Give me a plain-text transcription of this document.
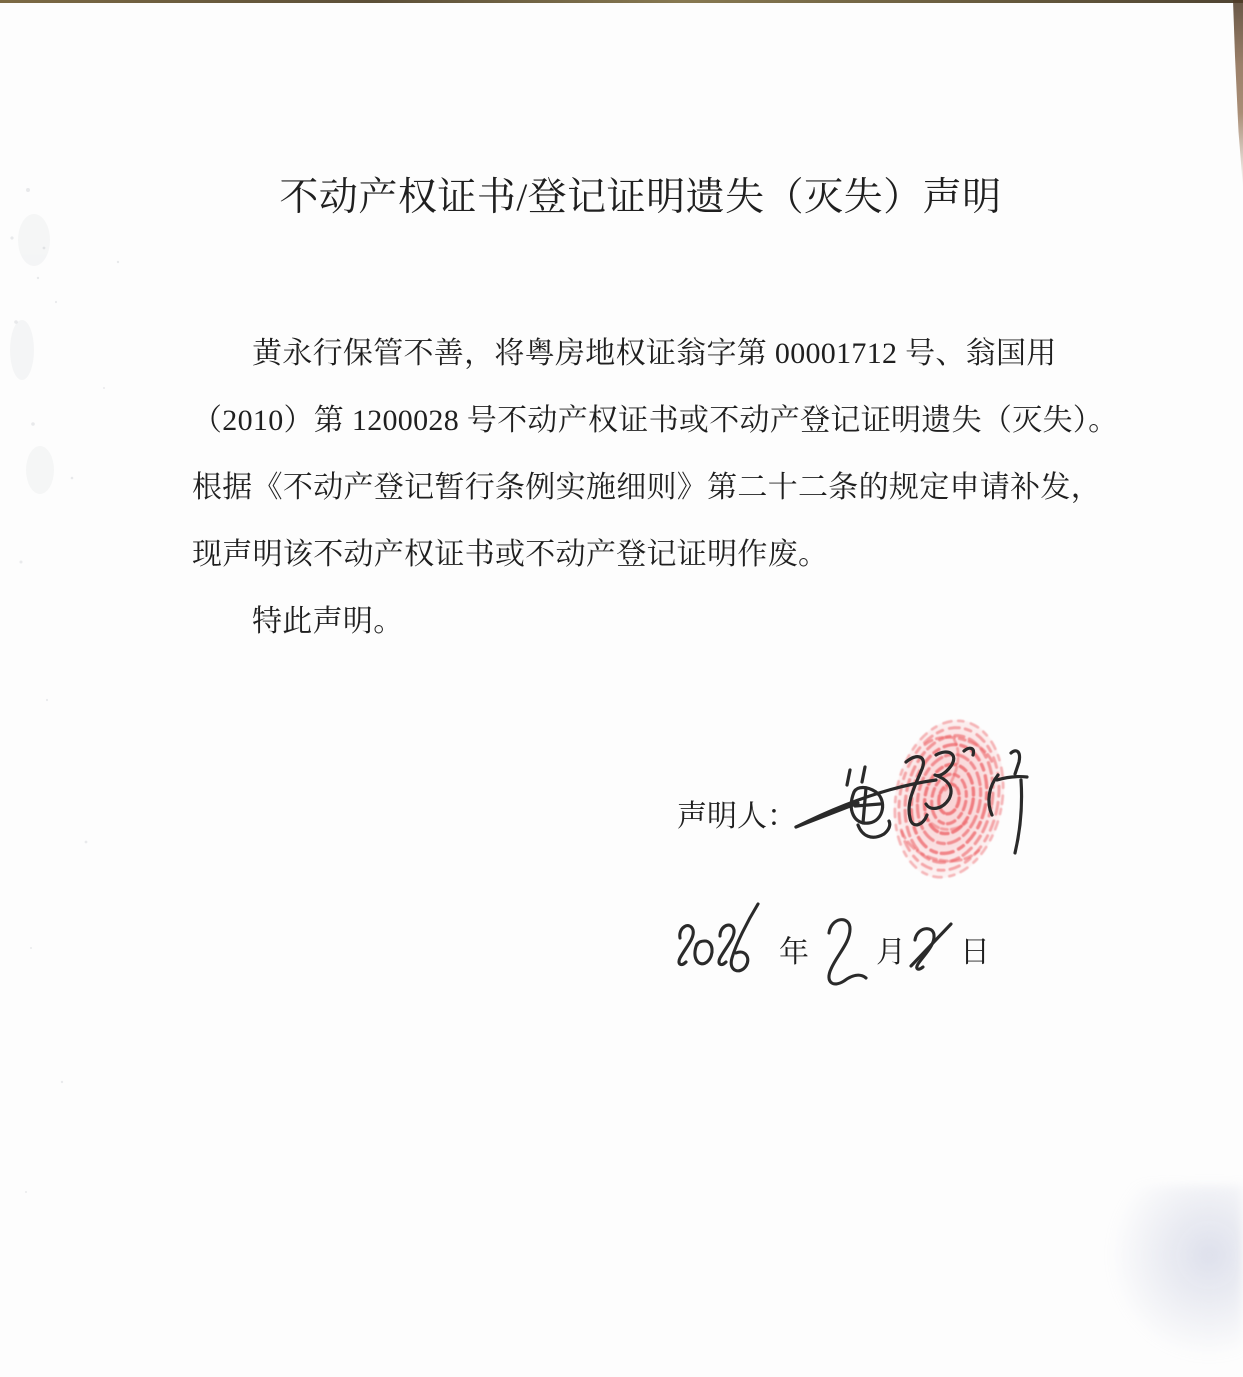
不动产权证书/登记证明遗失（灭失）声明
黄永行保管不善，将粤房地权证翁字第 00001712 号、翁国用
（2010）第 1200028 号不动产权证书或不动产登记证明遗失（灭失）。
根据《不动产登记暂行条例实施细则》第二十二条的规定申请补发，
现声明该不动产权证书或不动产登记证明作废。
特此声明。
声明人：
年 月 日
